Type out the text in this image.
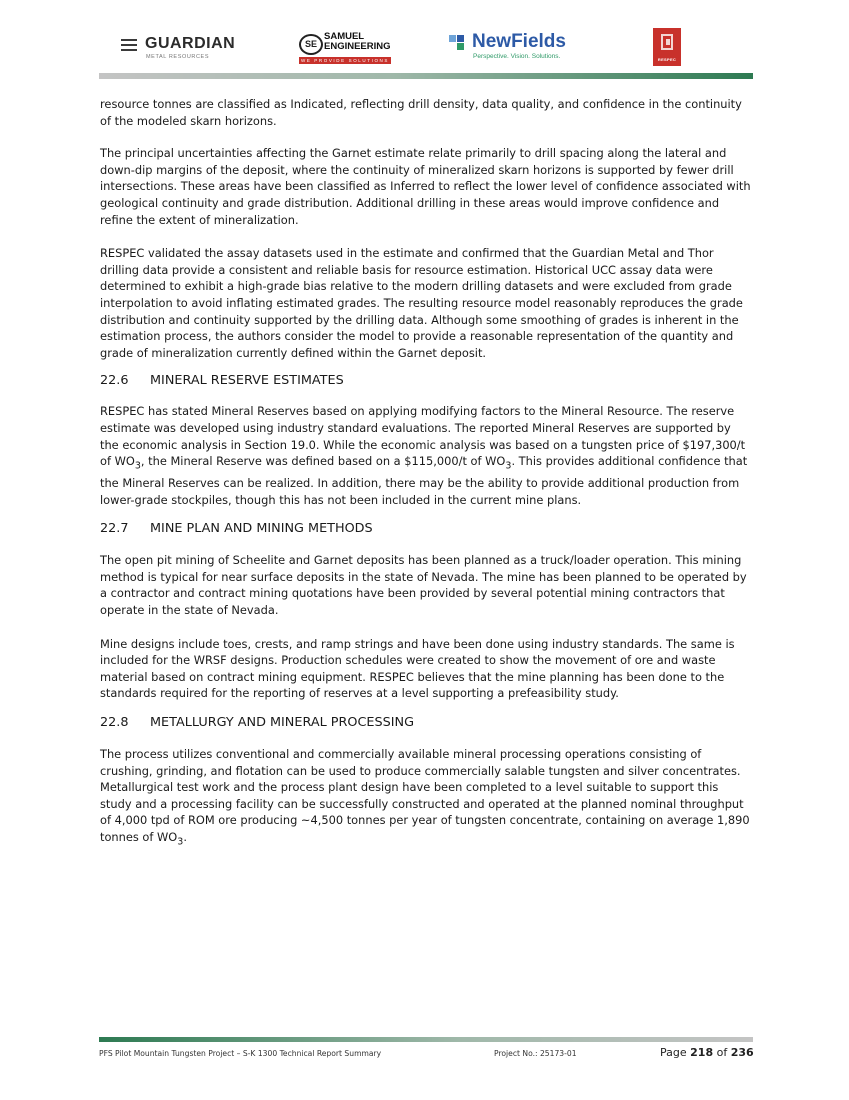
GUARDIAN
METAL RESOURCES
SE
SAMUEL
ENGINEERING
WE PROVIDE SOLUTIONS
NewFields
Perspective. Vision. Solutions.	RESPEC

resource tonnes are classified as Indicated, reflecting drill density, data quality, and confidence in the continuity of the modeled skarn horizons.

The principal uncertainties affecting the Garnet estimate relate primarily to drill spacing along the lateral and down-dip margins of the deposit, where the continuity of mineralized skarn horizons is supported by fewer drill intersections. These areas have been classified as Inferred to reflect the lower level of confidence associated with geological continuity and grade distribution. Additional drilling in these areas would improve confidence and refine the extent of mineralization.

RESPEC validated the assay datasets used in the estimate and confirmed that the Guardian Metal and Thor drilling data provide a consistent and reliable basis for resource estimation. Historical UCC assay data were determined to exhibit a high-grade bias relative to the modern drilling datasets and were excluded from grade interpolation to avoid inflating estimated grades. The resulting resource model reasonably reproduces the grade distribution and continuity supported by the drilling data. Although some smoothing of grades is inherent in the estimation process, the authors consider the model to provide a reasonable representation of the quantity and grade of mineralization currently defined within the Garnet deposit.

22.6 MINERAL RESERVE ESTIMATES

RESPEC has stated Mineral Reserves based on applying modifying factors to the Mineral Resource. The reserve estimate was developed using industry standard evaluations. The reported Mineral Reserves are supported by the economic analysis in Section 19.0. While the economic analysis was based on a tungsten price of $197,300/t of $WO_3$, the Mineral Reserve was defined based on a $115,000/t of $WO_3$. This provides additional confidence that the Mineral Reserves can be realized. In addition, there may be the ability to provide additional production from lower-grade stockpiles, though this has not been included in the current mine plans.

22.7 MINE PLAN AND MINING METHODS

The open pit mining of Scheelite and Garnet deposits has been planned as a truck/loader operation. This mining method is typical for near surface deposits in the state of Nevada. The mine has been planned to be operated by a contractor and contract mining quotations have been provided by several potential mining contractors that operate in the state of Nevada.

Mine designs include toes, crests, and ramp strings and have been done using industry standards. The same is included for the WRSF designs. Production schedules were created to show the movement of ore and waste material based on contract mining equipment. RESPEC believes that the mine planning has been done to the standards required for the reporting of reserves at a level supporting a prefeasibility study.

22.8 METALLURGY AND MINERAL PROCESSING

The process utilizes conventional and commercially available mineral processing operations consisting of crushing, grinding, and flotation can be used to produce commercially salable tungsten and silver concentrates. Metallurgical test work and the process plant design have been completed to a level suitable to support this study and a processing facility can be successfully constructed and operated at the planned nominal throughput of 4,000 tpd of ROM ore producing ~4,500 tonnes per year of tungsten concentrate, containing on average 1,890 tonnes of $WO_3$.

PFS Pilot Mountain Tungsten Project – S-K 1300 Technical Report Summary	Project No.: 25173-01	Page 218 of 236
